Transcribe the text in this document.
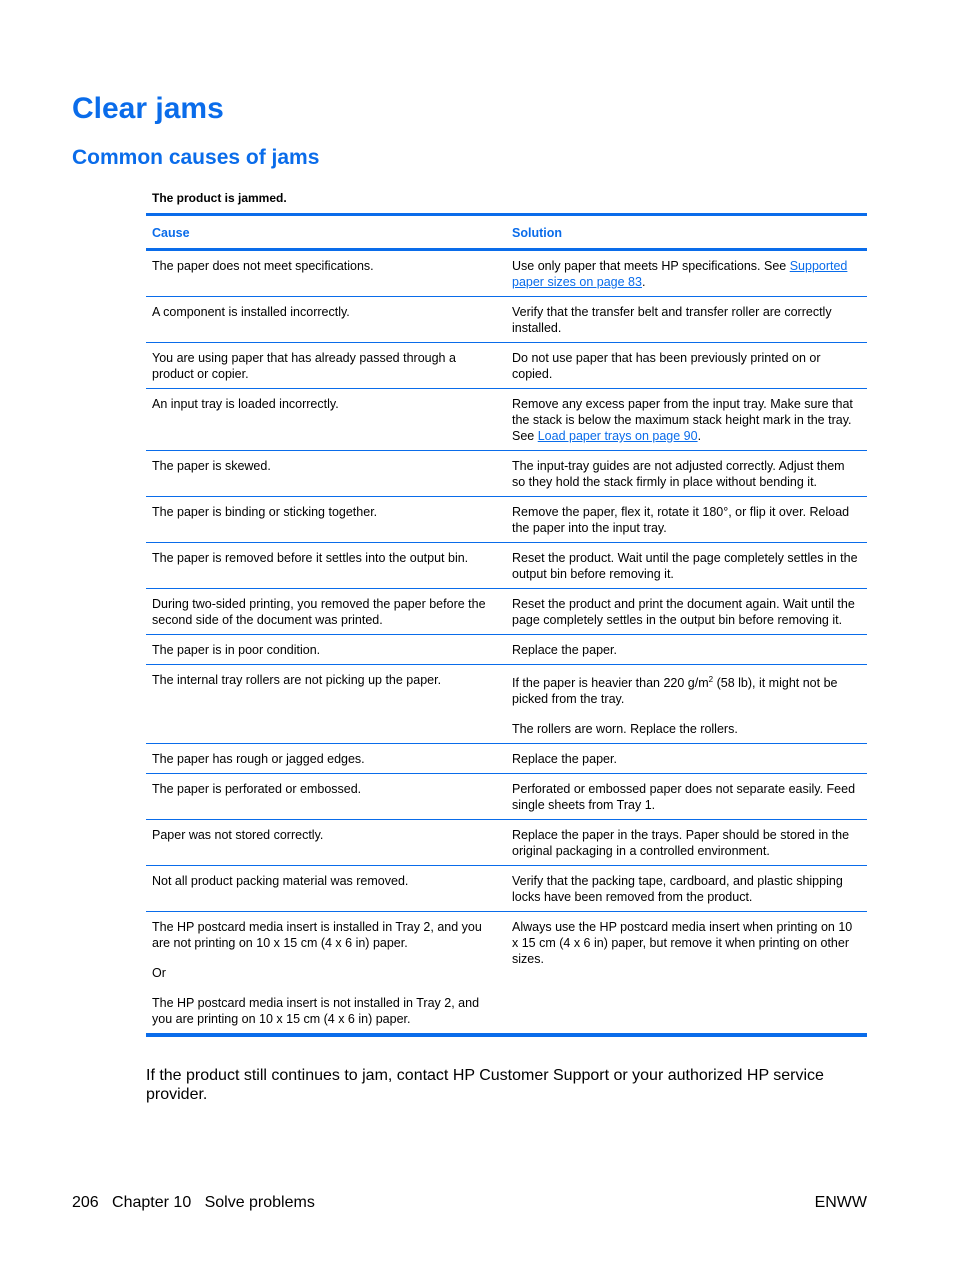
Clear jams
Common causes of jams
The product is jammed.
Cause	Solution

The paper does not meet specifications.	Use only paper that meets HP specifications. See Supported paper sizes on page 83.

A component is installed incorrectly.	Verify that the transfer belt and transfer roller are correctly installed.

You are using paper that has already passed through a product or copier.	Do not use paper that has been previously printed on or copied.

An input tray is loaded incorrectly.	Remove any excess paper from the input tray. Make sure that the stack is below the maximum stack height mark in the tray. See Load paper trays on page 90.

The paper is skewed.	The input-tray guides are not adjusted correctly. Adjust them so they hold the stack firmly in place without bending it.

The paper is binding or sticking together.	Remove the paper, flex it, rotate it 180°, or flip it over. Reload the paper into the input tray.

The paper is removed before it settles into the output bin.	Reset the product. Wait until the page completely settles in the output bin before removing it.

During two-sided printing, you removed the paper before the second side of the document was printed.	Reset the product and print the document again. Wait until the page completely settles in the output bin before removing it.

The paper is in poor condition.	Replace the paper.

The internal tray rollers are not picking up the paper.	If the paper is heavier than 220 $g/m^2$ (58 lb), it might not be picked from the tray.

The rollers are worn. Replace the rollers.

The paper has rough or jagged edges.	Replace the paper.

The paper is perforated or embossed.	Perforated or embossed paper does not separate easily. Feed single sheets from Tray 1.

Paper was not stored correctly.	Replace the paper in the trays. Paper should be stored in the original packaging in a controlled environment.

Not all product packing material was removed.	Verify that the packing tape, cardboard, and plastic shipping locks have been removed from the product.

The HP postcard media insert is installed in Tray 2, and you are not printing on 10 x 15 cm (4 x 6 in) paper.

Or

The HP postcard media insert is not installed in Tray 2, and you are printing on 10 x 15 cm (4 x 6 in) paper.	Always use the HP postcard media insert when printing on 10 x 15 cm (4 x 6 in) paper, but remove it when printing on other sizes.

If the product still continues to jam, contact HP Customer Support or your authorized HP service provider.

206 Chapter 10 Solve problems	ENWW
